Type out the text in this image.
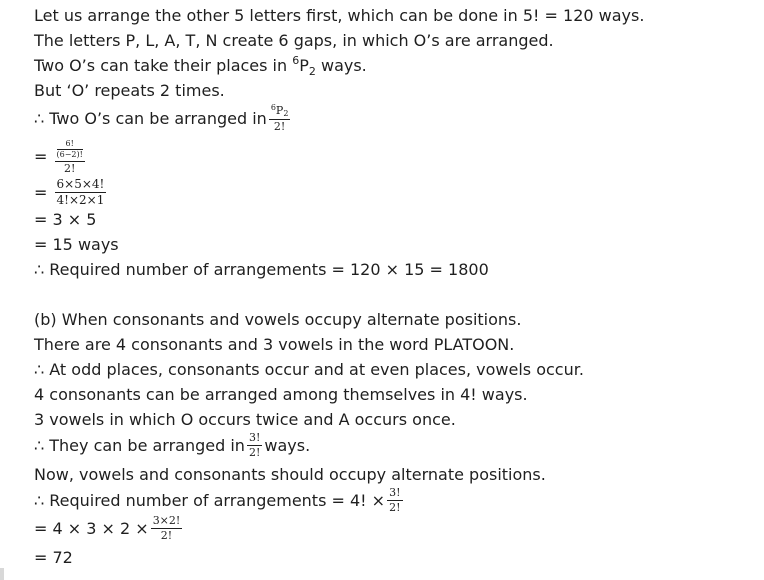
Let us arrange the other 5 letters first, which can be done in 5! = 120 ways.
The letters P, L, A, T, N create 6 gaps, in which O’s are arranged.
Two O’s can take their places in $^6P_2$ ways.
But ‘O’ repeats 2 times.
∴ Two O’s can be arranged in $\frac{^6P2}{2!}$
= 6!
(6−2)!
2!
= $\frac{6\times 5\times 4!}{4!\times 2\times 1}$
= 3 × 5
= 15 ways
∴ Required number of arrangements = 120 × 15 = 1800
(b) When consonants and vowels occupy alternate positions.
There are 4 consonants and 3 vowels in the word PLATOON.
∴ At odd places, consonants occur and at even places, vowels occur.
4 consonants can be arranged among themselves in 4! ways.
3 vowels in which O occurs twice and A occurs once.
∴ They can be arranged in $\frac{3!}{2!}$ ways.
Now, vowels and consonants should occupy alternate positions.
∴ Required number of arrangements = 4! × $\frac{3!}{2!}$
= $4 \times 3 \times 2 \times \frac{3\times 2!}{2!}$
= 72
